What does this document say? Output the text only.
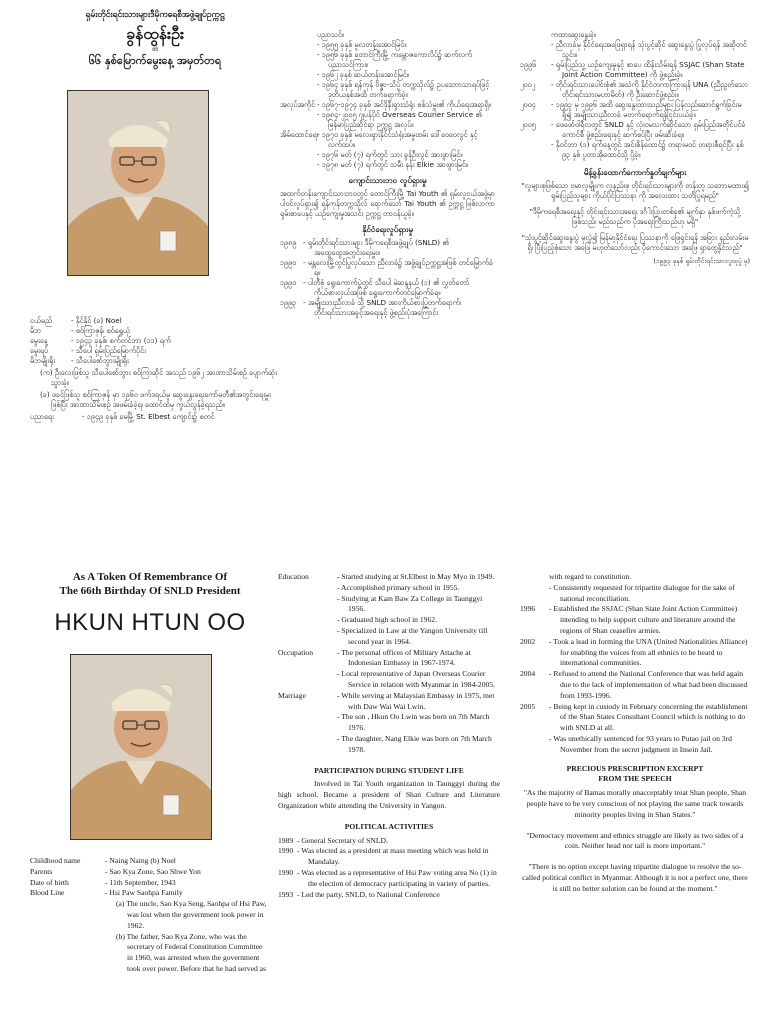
ရှမ်းတိုင်းရင်းသားများဒီမိုကရေစီအဖွဲ့ချုပ်ဥက္ကဋ္ဌ

ခွန်ထွန်းဦး

၏

၆၆ နှစ်မြောက်မွေးနေ့ အမှတ်တရ

ငယ်မည်	- နိုင်နိုင် (ခ) Noel
မိဘ	- စဝ်ကြာဇုန်၊ စဝ်ရွှေယုံ
မွေးနေ့	- ၁၉၄၃ ခုနှစ်၊ စက်တင်ဘာ (၁၁) ရက်
မွေးရပ်	- သီပေါ ရှမ်းပြည်မြောက်ပိုင်း
မိဘမျိုးရိုး	- သီပေါစော်ဘွားမျိုးရိုး

(က) ဦးလေးဖြစ်သူ သီပေါစော်ဘွား စဝ်ကြာဆိုင် အသည် ၁၉၆၂ အာဏာသိမ်းစဉ် ပျောက်ဆုံးသွားခဲ့။

(ခ) ဖခင်ဖြစ်သူ စဝ်ကြာဇုန် မှာ ၁၉၆၀ ဖက်ဒရယ်မူ ဆွေးနွေးရေးကော်မတီ၏အတွင်းရေးမှူးဖြစ်ပြီး အာဏာသိမ်းစဉ် အဖမ်းခံခဲ့ရ၊ ထောင်ထဲမှ ကွယ်လွန်ခဲ့ရသည်။

ပညာရေး	- ၁၉၄၉ ခုနှစ် မေမြို့ St. Elbest ကျောင်း၌ စတင်
	ပညာသင်။
	- ၁၉၅၅ ခုနှစ် မူလတန်းအောင်မြင်။
	- ၁၉၅၆ ခုနှစ် တောင်ကြီးမြို့ ကမ္ဘောဇကောလိပ်၌ ဆက်လက်ပညာသင်ကြား။
	- ၁၉၆၂ ခုနှစ် ဆယ်တန်းအောင်မြင်။
	- ၁၉၆၄ ခုနှစ် ရန်ကုန် ဝိဇ္ဇာ-သိပ္ပံ တက္ကသိုလ်၌ ဥပဒေဘာသာရပ်ဖြင့် ဒုတိယနှစ်အထိ တက်ရောက်ခဲ့။
အလုပ်အကိုင်	- ၁၉၆၇-၁၉၇၄ ခုနှစ် အင်ဒိုနီးရှားသံရုံး စစ်သံမှူး၏ ကိုယ်ရေးအရာရှိ။
	- ၁၉၈၄-၂၀၀၅ ဂျပန်ပိုင် Overseas Courier Service ၏ မြန်မာပြည်ဆိုင်ရာ ဥက္ကဋ္ဌ အလုပ်။
အိမ်ထောင်ရေး	- ၁၉၇၀ ခုနှစ် မလေးရှားနိုင်ငံသံရုံးအမှုထမ်း ဒေါ်ဝေဝေလွင် နှင့် လက်ထပ်။
	- ၁၉၇၆ မတ် (၇) ရက်တွင် သား ခွန်ဦးလွင် အားဖွားမြင်။
	- ၁၉၇၈ မတ် (၇) ရက်တွင် သမီး နန်း Elkie အားဖွားမြင်။

ကျောင်းသားဘဝ လှုပ်ရှားမှု

အထက်တန်းကျောင်းသားဘဝတွင် တောင်ကြီးမြို့ Tai Youth ၏ ရှမ်းလူငယ်အဖွဲ့မှာ ပါဝင်လှုပ်ရှား၍ ရန်ကုန်တက္ကသိုလ် ရောက်သော် Tai Youth ၏ ဥက္ကဋ္ဌ ဖြစ်လာကာ ရှမ်းစာပေနှင့် ယဉ်ကျေးမှုအသင်း ဥက္ကဋ္ဌ တာဝန်ယူခဲ့။

နိုင်ငံရေးလှုပ်ရှားမှု

၁၉၈၉	- ရှမ်းတိုင်းရင်းသားများ ဒီမိုကရေစီအဖွဲ့ချုပ် (SNLD) ၏ အထွေထွေအတွင်းရေးမှူး။
၁၉၉၀	- မန္တလေးမြို့တွင်ပြုလုပ်သော ညီလာခံ၌ အဖွဲ့ချုပ်ဥက္ကဋ္ဌအဖြစ် တင်မြှောက်ခံရ။
၁၉၉၀	- ပါတီစုံ ရွေးကောက်ပွဲတွင် သီပေါ မဲဆန္ဒနယ် (၁) ၏ လွှတ်တော်ကိုယ်စားလှယ်အဖြစ် ရွေးကောက်တင်မြှောက်ခံရ။
၁၉၉၃	- အမျိုးသားညီလာခံ သို့ SNLD အားကိုယ်စားပြုတက်ရောက်၊ တိုင်းရင်းသားအခွင့်အရေးနှင့် ဖွဲ့စည်းပုံအကြောင်း
	ကထာဆွေးနွေးခဲ့။
	- ညီလာခံမှ နိုင်ငံရေးအဖြေရှာရန် သုံးပွင့်ဆိုင် ဆွေးနွေးပွဲ ပြုလုပ်ရန် အဆိုတင်သွင်း။
၁၉၉၆	- ရှမ်းပြည်သူ့ ယဉ်ကျေးမှုနှင့် စာပေ ထိန်းသိမ်းရန် SSJAC (Shan State Joint Action Committee) ကို ဖွဲ့စည်းခဲ့။
၂၀၀၂	- တိုင်းရင်းသားပေါင်းစုံ၏ အသံကို နိုင်ငံတကာကြားရန် UNA (ညီညွတ်သော တိုင်းရင်းသားမဟာမိတ်) ကို ဦးဆောင်ဖွဲ့စည်း။
၂၀၀၄	- ၁၉၉၃ မှ ၁၉၉၆ အထိ ဆွေးနွေးထားသည်များ ပြန်လည်ဆောင်ရွက်ခြင်းမရှိ၍ အမျိုးသားညီလာခံ မတက်ရောက်ရန်ငြင်းပယ်ခဲ့။
၂၀၀၅	- ဖေဖော်ဝါရီလတွင် SNLD နှင့် လုံးဝမသက်ဆိုင်သော ရှမ်းပြည်အတိုင်ပင်ခံကောင်စီ ဖွဲ့စည်းရေးနှင့် ဆက်စပ်ပြီး ဖမ်းဆီးခံရ။
	- နိုဝင်ဘာ (၁) ရက်နေ့တွင် အင်းစိန်ထောင်၌ တရားမဝင် တရားစီရင်ပြီး နှစ် ၉၃ နှစ် ပူတာအိုထောင်သို့ ပို့ခဲ့။

မိန့်ခွန်းထောက်ကောက်နှုတ်ချက်များ

"လူများစုဖြစ်သော ဗမာလူမျိုးက လူနည်းစု တိုင်းရင်းသားများကို တန်းတူ သဘောမထား၍ ရှမ်းပြည်သူများ ကိုယ်ပိုင်ပြဿနာ ကို အလေးထား သတိပြုရမည်"

"ဒီမိုကရေစီအရေးနှင့် တိုင်းရင်းသားအရေး ဒင်္ဂါးပြားတစ်ခု၏ မျက်နှာ နှစ်ဖက်ကဲ့သို့ ဖြစ်သည်၊ မည်သည်က ပိုအရေးကြီးသည်ဟု မရှိ"

"သုံးပွင့်ဆိုင်ဆွေးနွေးပွဲ မှလွဲ၍ မြန်မာ့နိုင်ငံရေး ပြဿနာကို ဖြေရှင်းရန် အခြား နည်းလမ်းမရှိ၊ ပြီးပြည့်စုံသော အဖြေ မဟုတ်သော်လည်း ပိုကောင်းသော အဖြေ ရှာတွေ့နိုင်သည်"

(၁၉၉၃ ခုနှစ် ရှမ်းတိုင်းရင်းသားလူထုပွဲ မှ)

As A Token Of Remembrance Of

The 66th Birthday Of SNLD President

HKUN HTUN OO

Childhood name	- Naing Naing (b) Noel
Parents	- Sao Kya Zone, Sao Shwe Yon
Date of birth	- 11th September, 1943
Blood Line	- Hsi Paw Saohpa Family

(a) The uncle, Sao Kya Seng, Saohpa of Hsi Paw, was lost when the government took power in 1962.

(b) The father, Sao Kya Zone, who was the secretary of Federal Constitution Committee in 1960, was arrested when the government took over power. Before that he had served as

Education	- Started studying at St.Elbest in May Myo in 1949.
	- Accomplished primary school in 1955.
	- Studying at Kam Baw Za College in Taunggyi 1956.
	- Graduated high school in 1962.
	- Specialized in Law at the Yangon University till second year in 1964.
Occupation	- The personal offices of Military Attache at Indonesian Embassy in 1967-1974.
	- Local representative of Japan Overseas Courier Service in relation with Myanmar in 1984-2005.
Marriage	- While serving at Malaysian Embassy in 1975, met with Daw Wai Wai Lwin.
	- The son , Hkun Oo Lwin was born on 7th March 1976.
	- The daughter, Nang Elkie was born on 7th March 1978.

PARTICIPATION DURING STUDENT LIFE

Involved in Tai Youth organization in Taunggyi during the high school. Became a president of Shan Culture and Literature Organization while attending the University in Yangon.

POLITICAL ACTIVITIES

1989	- General Secretary of SNLD.
1990	- Was elected as a president at mass meeting which was held in Mandalay.
1990	- Was elected as a representative of Hsi Paw voting area No (1) in the election of democracy participating in variety of parties.
1993	- Led the party, SNLD, to National Conference
	with regard to constitution.
	- Consistently requested for tripartite dialogue for the sake of national reconciliation.
1996	- Established the SSJAC (Shan State Joint Action Committee) intending to help support culture and literature around the regions of Shan ceasefire armies.
2002	- Took a lead in forming the UNA (United Nationalities Alliance) for enabling the voices from all ethnics to be heard to international communities.
2004	- Refused to attend the National Conference that was held again due to the lack of implementation of what had been discussed from 1993-1996.
2005	- Being kept in custody in February concerning the establishment of the Shan States Consultant Council which is nothing to do with SNLD at all.
	- Was unethically sentenced for 93 years to Putao jail on 3rd November from the secret judgment in Insein Jail.

PRECIOUS PRESCRIPTION EXCERPT

FROM THE SPEECH

"As the majority of Bamas morally unacceptably treat Shan people, Shan people have to be very conscious of not playing the same track towards minority peoples living in Shan States."

"Democracy movement and ethnics struggle are likely as two sides of a coin. Neither head nor tail is more important."

"There is no option except having tripartite dialogue to resolve the so-called political conflict in Myanmar. Although it is not a perfect one, there is still no better solution can be found at the moment."
